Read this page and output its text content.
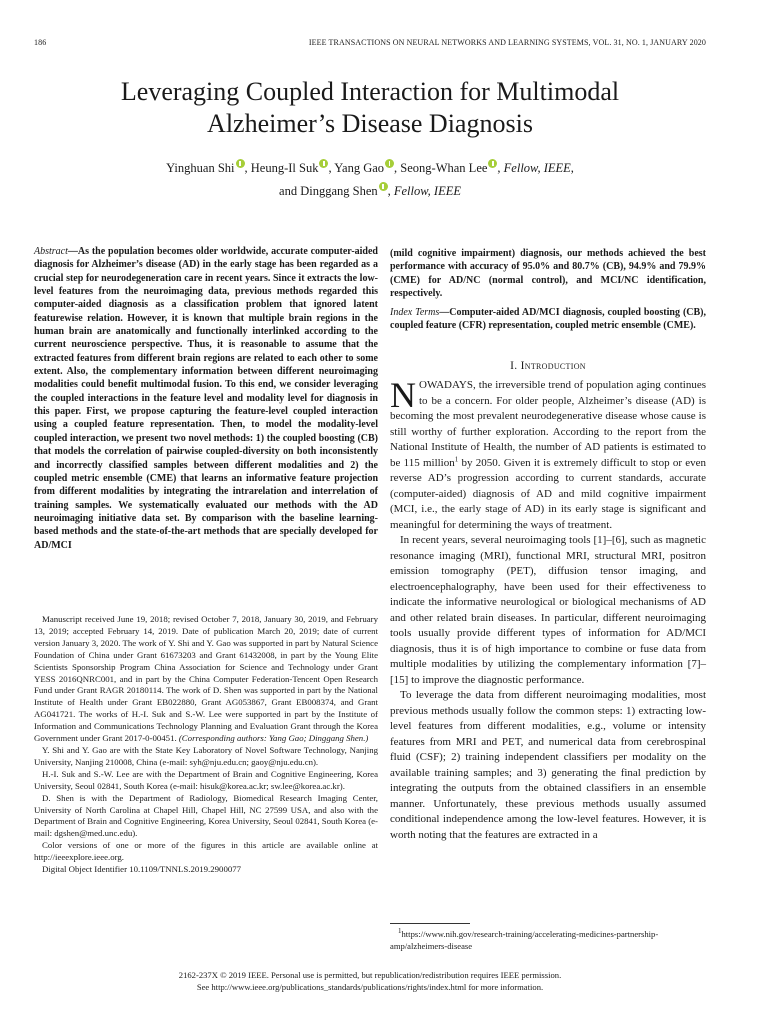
186	IEEE TRANSACTIONS ON NEURAL NETWORKS AND LEARNING SYSTEMS, VOL. 31, NO. 1, JANUARY 2020
Leveraging Coupled Interaction for Multimodal
Alzheimer’s Disease Diagnosis
Yinghuan Shi , Heung-Il Suk , Yang Gao , Seong-Whan Lee , Fellow, IEEE,
and Dinggang Shen , Fellow, IEEE
Abstract—As the population becomes older worldwide, accurate computer-aided diagnosis for Alzheimer’s disease (AD) in the early stage has been regarded as a crucial step for neurodegeneration care in recent years. Since it extracts the low-level features from the neuroimaging data, previous methods regarded this computer-aided diagnosis as a classification problem that ignored latent featurewise relation. However, it is known that multiple brain regions in the human brain are anatomically and functionally interlinked according to the current neuroscience perspective. Thus, it is reasonable to assume that the extracted features from different brain regions are related to each other to some extent. Also, the complementary information between different neuroimaging modalities could benefit multimodal fusion. To this end, we consider leveraging the coupled interactions in the feature level and modality level for diagnosis in this paper. First, we propose capturing the feature-level coupled interaction using a coupled feature representation. Then, to model the modality-level coupled interaction, we present two novel methods: 1) the coupled boosting (CB) that models the correlation of pairwise coupled-diversity on both inconsistently and incorrectly classified samples between different modalities and 2) the coupled metric ensemble (CME) that learns an informative feature projection from different modalities by integrating the intrarelation and interrelation of training samples. We systematically evaluated our methods with the AD neuroimaging initiative data set. By comparison with the baseline learning-based methods and the state-of-the-art methods that are specially developed for AD/MCI
(mild cognitive impairment) diagnosis, our methods achieved the best performance with accuracy of 95.0% and 80.7% (CB), 94.9% and 79.9% (CME) for AD/NC (normal control), and MCI/NC identification, respectively.
Index Terms—Computer-aided AD/MCI diagnosis, coupled boosting (CB), coupled feature (CFR) representation, coupled metric ensemble (CME).

Manuscript received June 19, 2018; revised October 7, 2018, January 30, 2019, and February 13, 2019; accepted February 14, 2019. Date of publication March 20, 2019; date of current version January 3, 2020. The work of Y. Shi and Y. Gao was supported in part by Natural Science Foundation of China under Grant 61673203 and Grant 61432008, in part by the Young Elite Scientists Sponsorship Program China Association for Science and Technology under Grant YESS 2016QNRC001, and in part by the China Computer Federation-Tencent Open Research Fund under Grant RAGR 20180114. The work of D. Shen was supported in part by the National Institute of Health under Grant EB022880, Grant AG053867, Grant EB008374, and Grant AG041721. The works of H.-I. Suk and S.-W. Lee were supported in part by the Institute of Information and Communications Technology Planning and Evaluation Grant through the Korea Government under Grant 2017-0-00451. (Corresponding authors: Yang Gao; Dinggang Shen.)

Y. Shi and Y. Gao are with the State Key Laboratory of Novel Software Technology, Nanjing University, Nanjing 210008, China (e-mail: syh@nju.edu.cn; gaoy@nju.edu.cn).

H.-I. Suk and S.-W. Lee are with the Department of Brain and Cognitive Engineering, Korea University, Seoul 02841, South Korea (e-mail: hisuk@korea.ac.kr; sw.lee@korea.ac.kr).

D. Shen is with the Department of Radiology, Biomedical Research Imaging Center, University of North Carolina at Chapel Hill, Chapel Hill, NC 27599 USA, and also with the Department of Brain and Cognitive Engineering, Korea University, Seoul 02841, South Korea (e-mail: dgshen@med.unc.edu).

Color versions of one or more of the figures in this article are available online at http://ieeexplore.ieee.org.

Digital Object Identifier 10.1109/TNNLS.2019.2900077

I. Introduction

NOWADAYS, the irreversible trend of population aging continues to be a concern. For older people, Alzheimer’s disease (AD) is becoming the most prevalent neurodegenerative disease whose cause is still worthy of further exploration. According to the report from the National Institute of Health, the number of AD patients is estimated to be 115 million$^1$ by 2050. Given it is extremely difficult to stop or even reverse AD’s progression according to current standards, accurate (computer-aided) diagnosis of AD and mild cognitive impairment (MCI, i.e., the early stage of AD) in its early stage is significant and meaningful for determining the ways of treatment.

In recent years, several neuroimaging tools [1]–[6], such as magnetic resonance imaging (MRI), functional MRI, structural MRI, positron emission tomography (PET), diffusion tensor imaging, and electroencephalography, have been used for their effectiveness to indicate the informative neurological or biological mechanisms of AD and other related brain diseases. In particular, different neuroimaging tools usually provide different types of information for AD/MCI diagnosis, thus it is of high importance to combine or fuse data from multiple modalities by utilizing the complementary information [7]–[15] to improve the diagnostic performance.

To leverage the data from different neuroimaging modalities, most previous methods usually follow the common steps: 1) extracting low-level features from different modalities, e.g., volume or intensity features from MRI and PET, and numerical data from cerebrospinal fluid (CSF); 2) training independent classifiers per modality on the available training samples; and 3) generating the final prediction by integrating the outputs from the obtained classifiers in an ensemble manner. Unfortunately, these previous methods usually assumed conditional independence among the low-level features. However, it is worth noting that the features are extracted in a

$^1$https://www.nih.gov/research-training/accelerating-medicines-partnership-amp/alzheimers-disease

2162-237X © 2019 IEEE. Personal use is permitted, but republication/redistribution requires IEEE permission.
See http://www.ieee.org/publications_standards/publications/rights/index.html for more information.
